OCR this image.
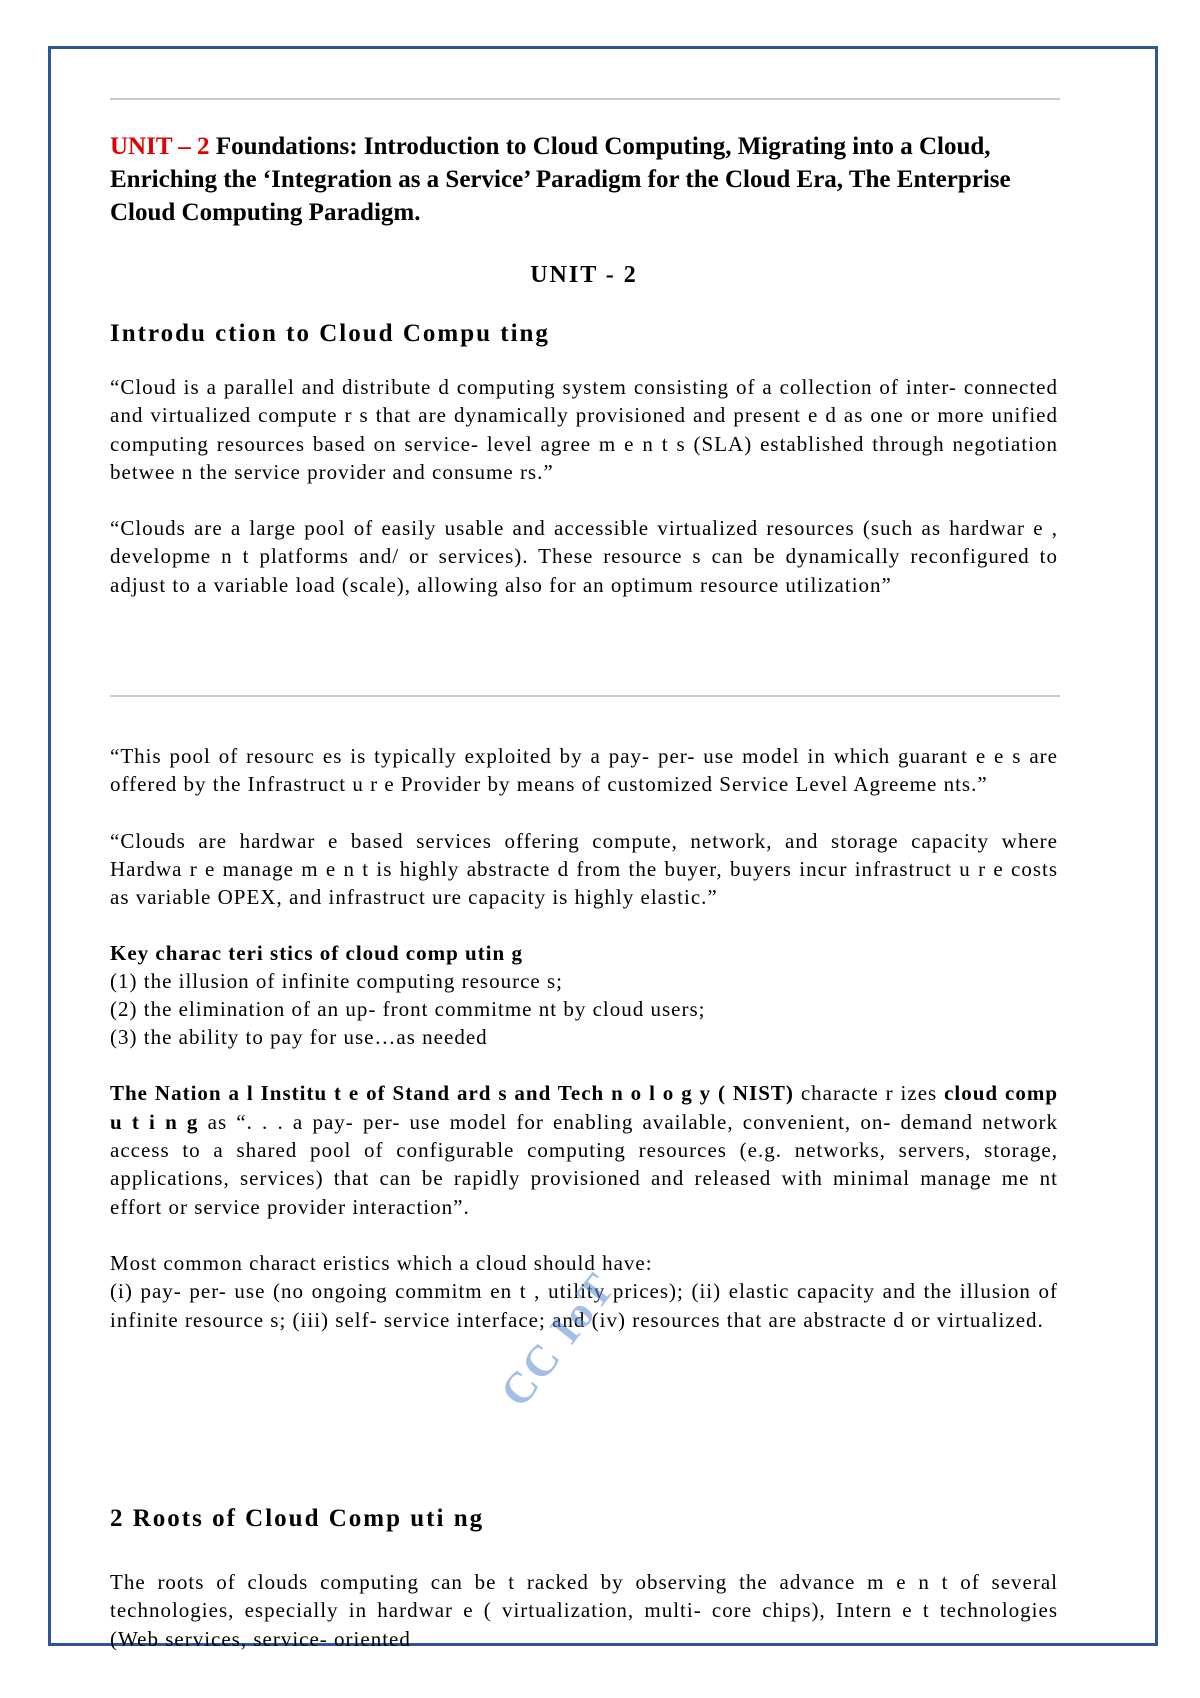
UNIT – 2 Foundations: Introduction to Cloud Computing, Migrating into a Cloud, Enriching the ‘Integration as a Service’ Paradigm for the Cloud Era, The Enterprise Cloud Computing Paradigm.

UNIT - 2

Introdu ction to Cloud Compu ting

“Cloud is a parallel and distribute d computing system consisting of a collection of inter- connected and virtualized compute r s that are dynamically provisioned and present e d as one or more unified computing resources based on service- level agree m e n t s (SLA) established through negotiation betwee n the service provider and consume rs.”

“Clouds are a large pool of easily usable and accessible virtualized resources (such as hardwar e , developme n t platforms and/ or services). These resource s can be dynamically reconfigured to adjust to a variable load (scale), allowing also for an optimum resource utilization”

“This pool of resourc es is typically exploited by a pay- per- use model in which guarant e e s are offered by the Infrastruct u r e Provider by means of customized Service Level Agreeme nts.”

“Clouds are hardwar e based services offering compute, network, and storage capacity where Hardwa r e manage m e n t is highly abstracte d from the buyer, buyers incur infrastruct u r e costs as variable OPEX, and infrastruct ure capacity is highly elastic.”

Key charac teri stics of cloud comp utin g

(1) the illusion of infinite computing resource s;

(2) the elimination of an up- front commitme nt by cloud users;

(3) the ability to pay for use…as needed

The Nation a l Institu t e of Stand ard s and Tech n o l o g y ( NIST) characte r izes cloud comp u t i n g as “. . . a pay- per- use model for enabling available, convenient, on- demand network access to a shared pool of configurable computing resources (e.g. networks, servers, storage, applications, services) that can be rapidly provisioned and released with minimal manage me nt effort or service provider interaction”.

Most common charact eristics which a cloud should have:

(i) pay- per- use (no ongoing commitm en t , utility prices); (ii) elastic capacity and the illusion of infinite resource s; (iii) self- service interface; and (iv) resources that are abstracte d or virtualized.

CC IoT

2 Roots of Cloud Comp uti ng

The roots of clouds computing can be t racked by observing the advance m e n t of several technologies, especially in hardwar e ( virtualization, multi- core chips), Intern e t technologies (Web services, service- oriented
